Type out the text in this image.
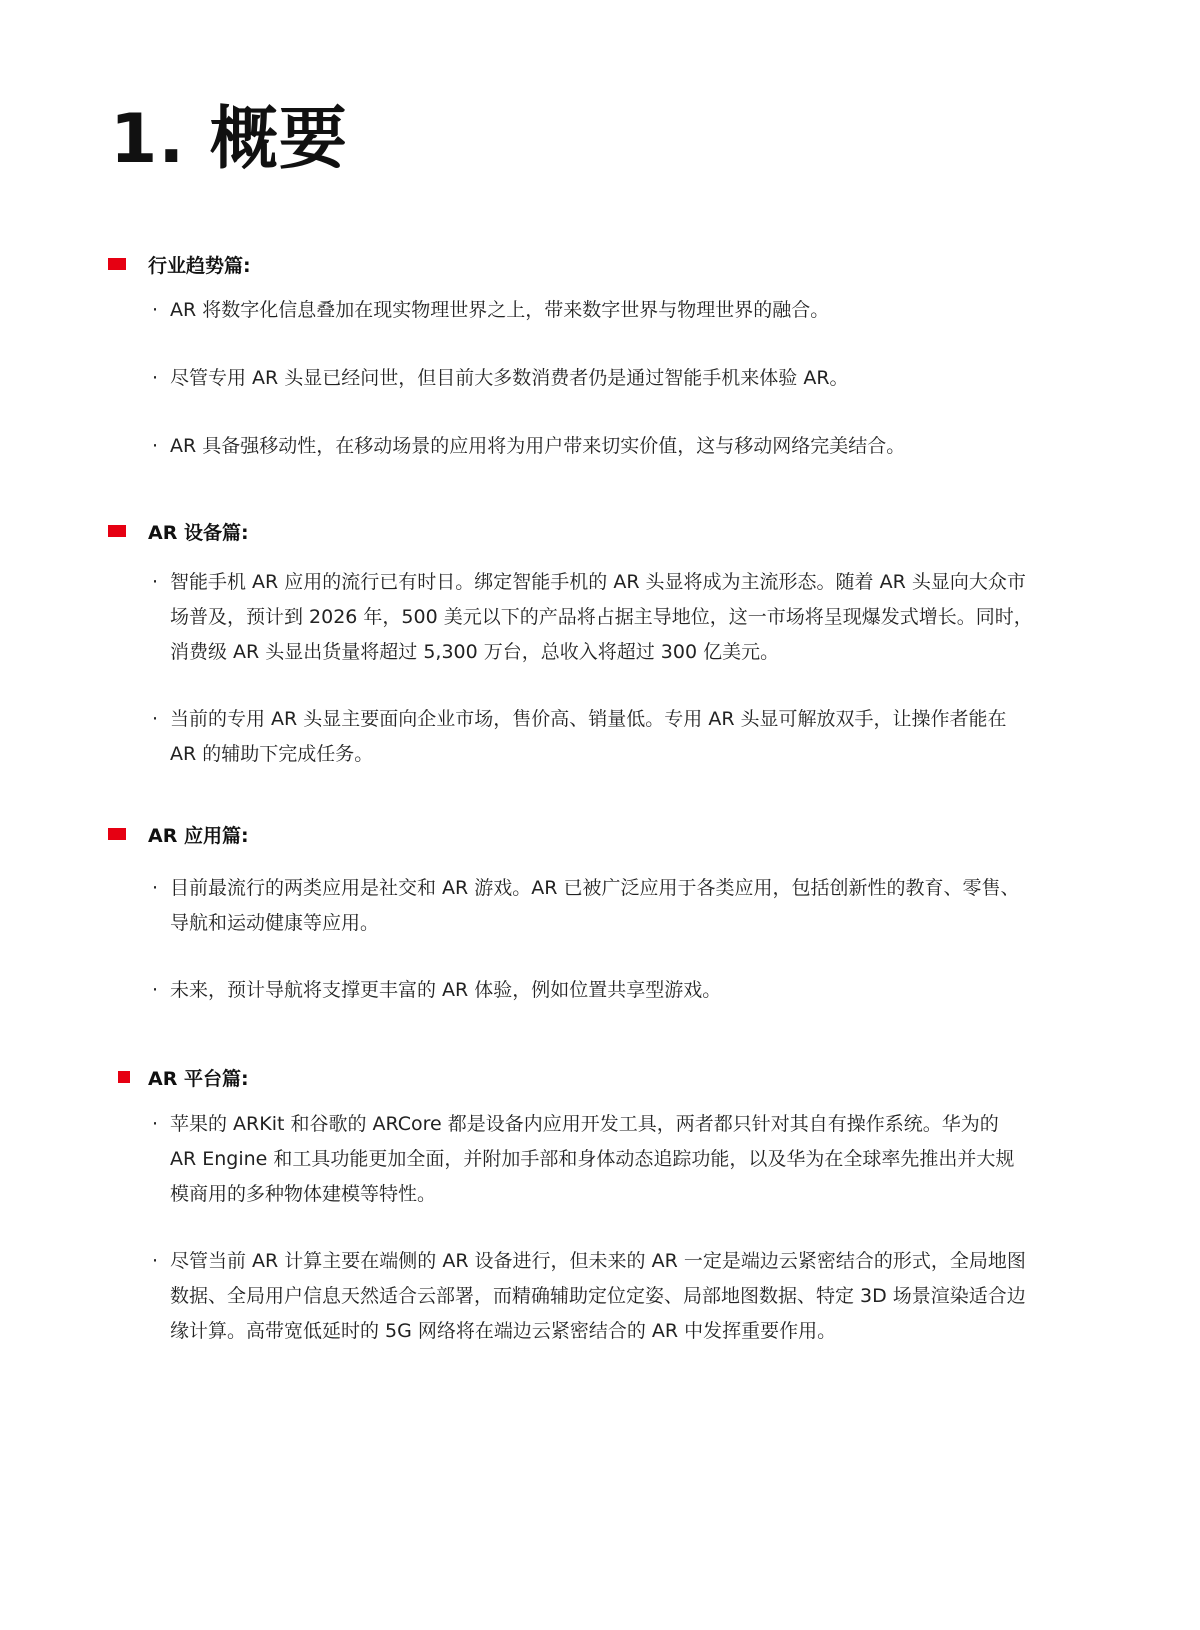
1. 概要
行业趋势篇:
· AR 将数字化信息叠加在现实物理世界之上，带来数字世界与物理世界的融合。
· 尽管专用 AR 头显已经问世，但目前大多数消费者仍是通过智能手机来体验 AR。
· AR 具备强移动性，在移动场景的应用将为用户带来切实价值，这与移动网络完美结合。
AR 设备篇:
· 智能手机 AR 应用的流行已有时日。绑定智能手机的 AR 头显将成为主流形态。随着 AR 头显向大众市
场普及，预计到 2026 年，500 美元以下的产品将占据主导地位，这一市场将呈现爆发式增长。同时，
消费级 AR 头显出货量将超过 5,300 万台，总收入将超过 300 亿美元。
· 当前的专用 AR 头显主要面向企业市场，售价高、销量低。专用 AR 头显可解放双手，让操作者能在
AR 的辅助下完成任务。
AR 应用篇:
· 目前最流行的两类应用是社交和 AR 游戏。AR 已被广泛应用于各类应用，包括创新性的教育、零售、
导航和运动健康等应用。
· 未来，预计导航将支撑更丰富的 AR 体验，例如位置共享型游戏。
AR 平台篇:
· 苹果的 ARKit 和谷歌的 ARCore 都是设备内应用开发工具，两者都只针对其自有操作系统。华为的
AR Engine 和工具功能更加全面，并附加手部和身体动态追踪功能，以及华为在全球率先推出并大规
模商用的多种物体建模等特性。
· 尽管当前 AR 计算主要在端侧的 AR 设备进行，但未来的 AR 一定是端边云紧密结合的形式，全局地图
数据、全局用户信息天然适合云部署，而精确辅助定位定姿、局部地图数据、特定 3D 场景渲染适合边
缘计算。高带宽低延时的 5G 网络将在端边云紧密结合的 AR 中发挥重要作用。
